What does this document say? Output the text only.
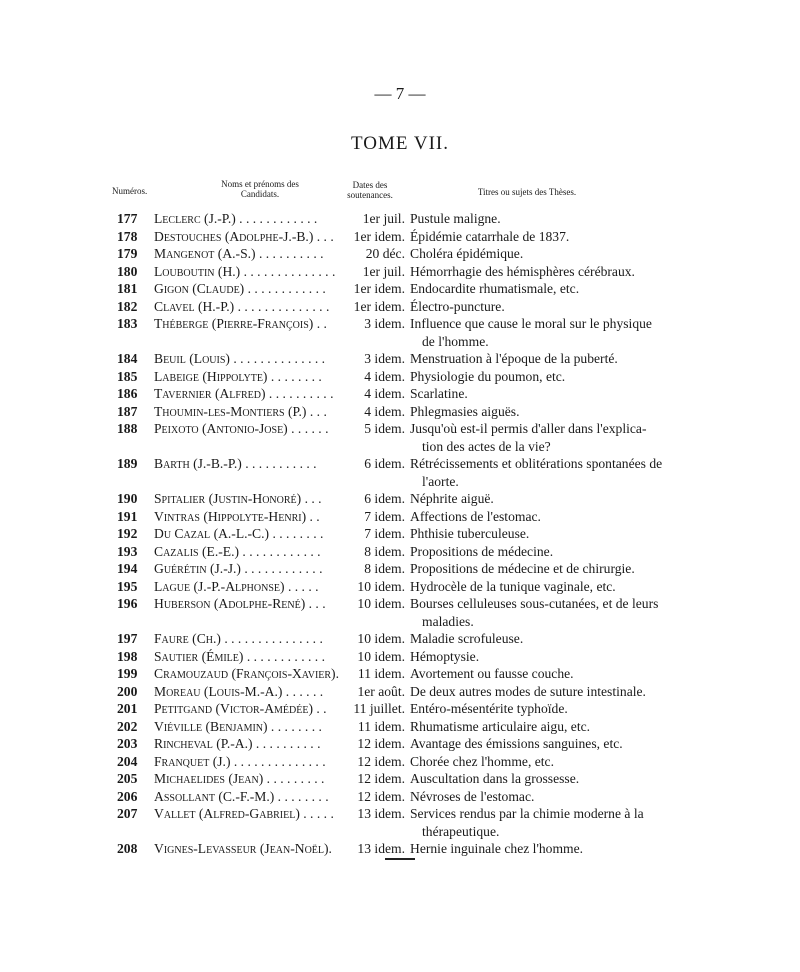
— 7 —
TOME VII.
Numéros.
Noms et prénoms des Candidats.
Dates des soutenances.	Titres ou sujets des Thèses.
177	Leclerc (J.-P.) . . . . . . . . . . . .	1er juil. Pustule maligne.
178	Destouches (Adolphe-J.-B.) . . .	1er idem. Épidémie catarrhale de 1837.
179	Mangenot (A.-S.) . . . . . . . . . .	20 déc. Choléra épidémique.
180	Louboutin (H.) . . . . . . . . . . . . . .	1er juil. Hémorrhagie des hémisphères cérébraux.
181	Gigon (Claude) . . . . . . . . . . . .	1er idem. Endocardite rhumatismale, etc.
182	Clavel (H.-P.) . . . . . . . . . . . . . .	1er idem. Électro-puncture.
183	Théberge (Pierre-François) . .	3 idem. Influence que cause le moral sur le physique
de l'homme.
184	Beuil (Louis) . . . . . . . . . . . . . .	3 idem. Menstruation à l'époque de la puberté.
185	Labeige (Hippolyte) . . . . . . . .	4 idem. Physiologie du poumon, etc.
186	Tavernier (Alfred) . . . . . . . . . .	4 idem. Scarlatine.
187	Thoumin-les-Montiers (P.) . . .	4 idem. Phlegmasies aiguës.
188	Peixoto (Antonio-Jose) . . . . . .	5 idem. Jusqu'où est-il permis d'aller dans l'explica-
tion des actes de la vie?
189	Barth (J.-B.-P.) . . . . . . . . . . .	6 idem. Rétrécissements et oblitérations spontanées de
l'aorte.
190	Spitalier (Justin-Honoré) . . .	6 idem. Néphrite aiguë.
191	Vintras (Hippolyte-Henri) . .	7 idem. Affections de l'estomac.
192	Du Cazal (A.-L.-C.) . . . . . . . .	7 idem. Phthisie tuberculeuse.
193	Cazalis (E.-E.) . . . . . . . . . . . .	8 idem. Propositions de médecine.
194	Guérétin (J.-J.) . . . . . . . . . . . .	8 idem. Propositions de médecine et de chirurgie.
195	Lague (J.-P.-Alphonse) . . . . .	10 idem. Hydrocèle de la tunique vaginale, etc.
196	Huberson (Adolphe-René) . . .	10 idem. Bourses celluleuses sous-cutanées, et de leurs
maladies.
197	Faure (Ch.) . . . . . . . . . . . . . . .	10 idem. Maladie scrofuleuse.
198	Sautier (Émile) . . . . . . . . . . . .	10 idem. Hémoptysie.
199	Cramouzaud (François-Xavier).	11 idem. Avortement ou fausse couche.
200	Moreau (Louis-M.-A.) . . . . . .	1er août. De deux autres modes de suture intestinale.
201	Petitgand (Victor-Amédée) . .	11 juillet. Entéro-mésentérite typhoïde.
202	Viéville (Benjamin) . . . . . . . .	11 idem. Rhumatisme articulaire aigu, etc.
203	Rincheval (P.-A.) . . . . . . . . . .	12 idem. Avantage des émissions sanguines, etc.
204	Franquet (J.) . . . . . . . . . . . . . .	12 idem. Chorée chez l'homme, etc.
205	Michaelides (Jean) . . . . . . . . .	12 idem. Auscultation dans la grossesse.
206	Assollant (C.-F.-M.) . . . . . . . .	12 idem. Névroses de l'estomac.
207	Vallet (Alfred-Gabriel) . . . . .	13 idem. Services rendus par la chimie moderne à la
thérapeutique.
208	Vignes-Levasseur (Jean-Noël).	13 idem. Hernie inguinale chez l'homme.
